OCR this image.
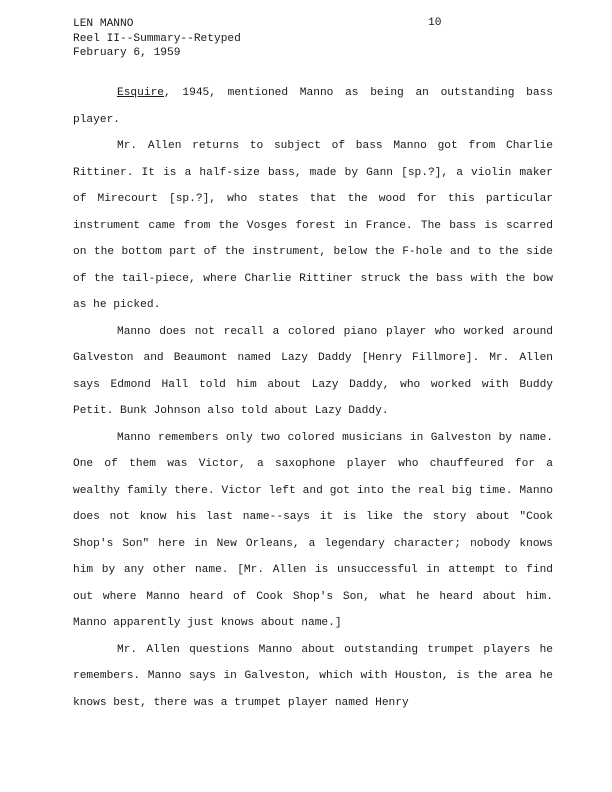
LEN MANNO
Reel II--Summary--Retyped
February 6, 1959
10

Esquire, 1945, mentioned Manno as being an outstanding bass player.

Mr. Allen returns to subject of bass Manno got from Charlie Rittiner. It is a half-size bass, made by Gann [sp.?], a violin maker of Mirecourt [sp.?], who states that the wood for this particular instrument came from the Vosges forest in France. The bass is scarred on the bottom part of the instrument, below the F-hole and to the side of the tail-piece, where Charlie Rittiner struck the bass with the bow as he picked.

Manno does not recall a colored piano player who worked around Galveston and Beaumont named Lazy Daddy [Henry Fillmore]. Mr. Allen says Edmond Hall told him about Lazy Daddy, who worked with Buddy Petit. Bunk Johnson also told about Lazy Daddy.

Manno remembers only two colored musicians in Galveston by name. One of them was Victor, a saxophone player who chauffeured for a wealthy family there. Victor left and got into the real big time. Manno does not know his last name--says it is like the story about "Cook Shop's Son" here in New Orleans, a legendary character; nobody knows him by any other name. [Mr. Allen is unsuccessful in attempt to find out where Manno heard of Cook Shop's Son, what he heard about him. Manno apparently just knows about name.]

Mr. Allen questions Manno about outstanding trumpet players he remembers. Manno says in Galveston, which with Houston, is the area he knows best, there was a trumpet player named Henry
